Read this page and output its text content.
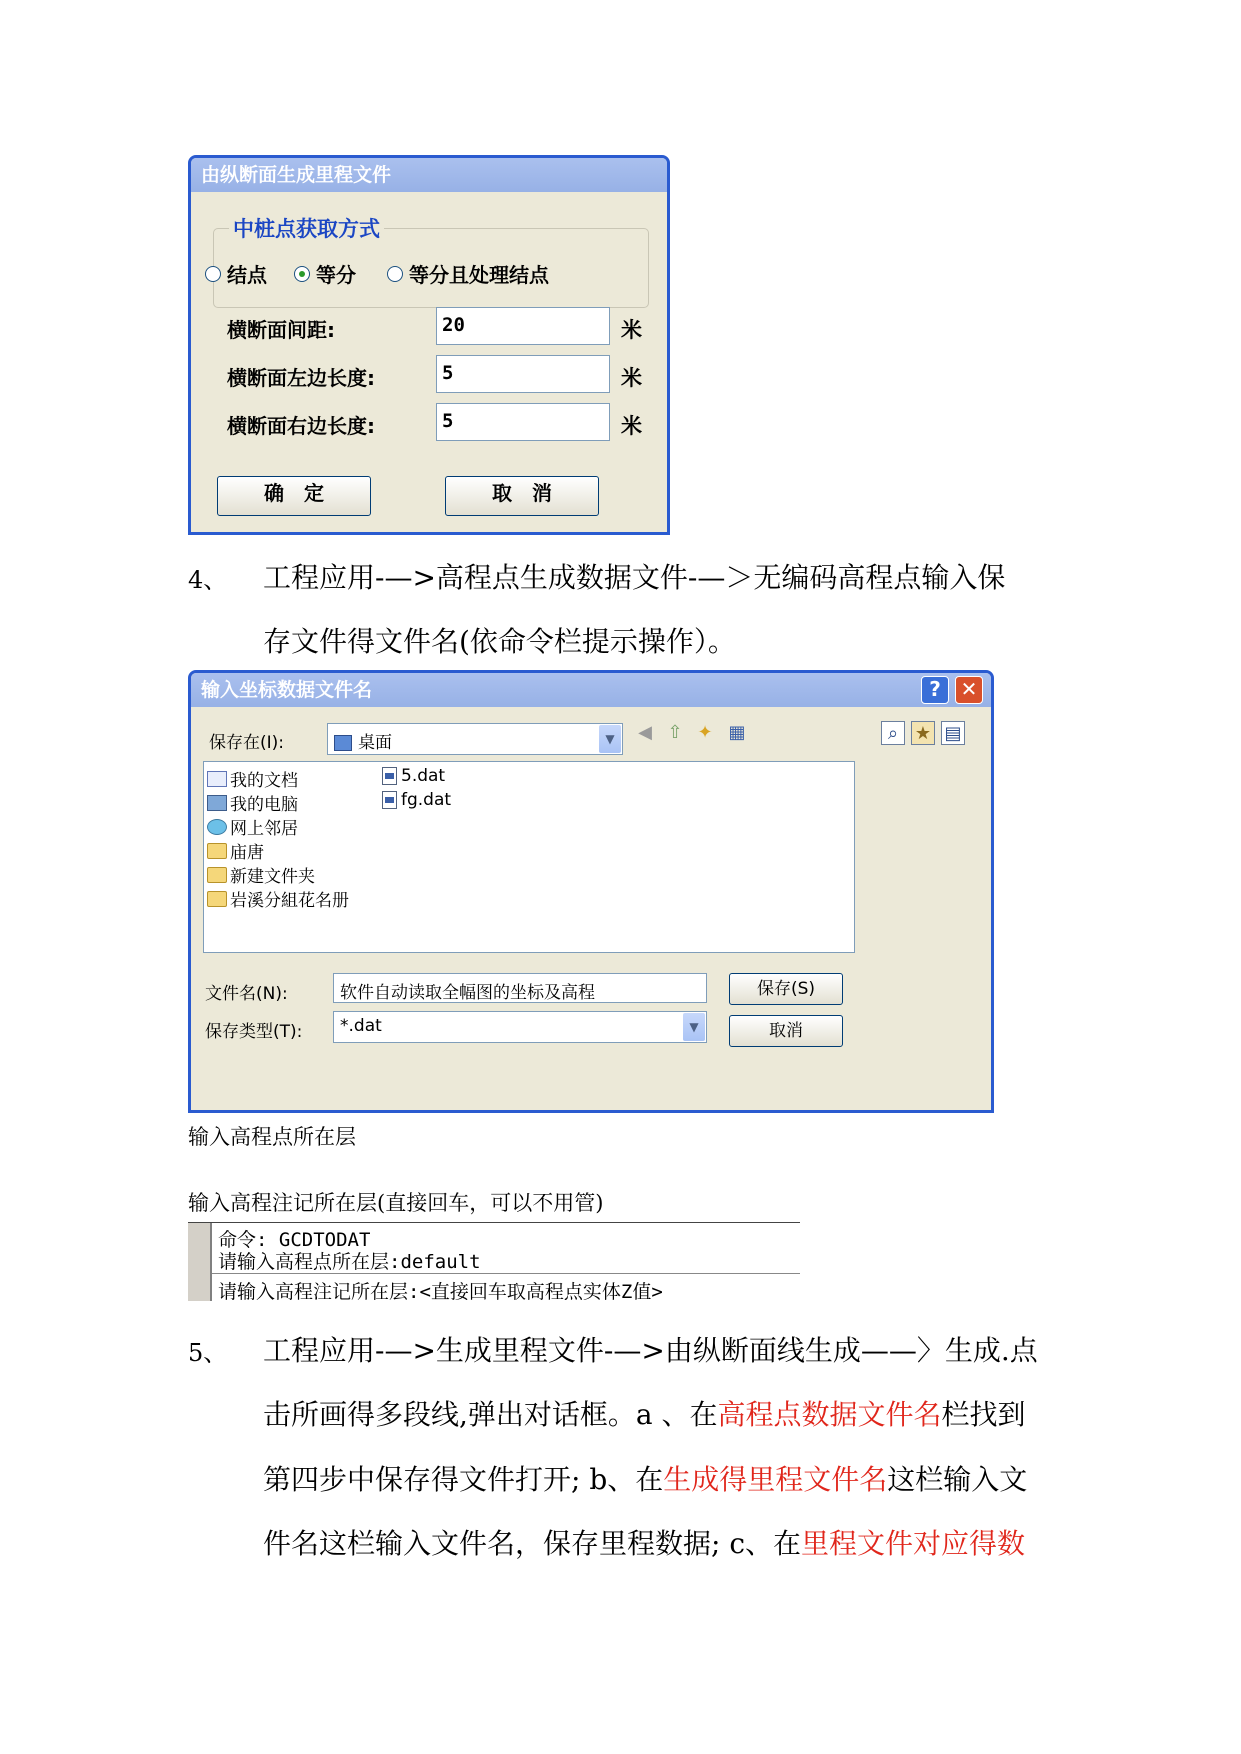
由纵断面生成里程文件
中桩点获取方式
结点 等分	等分且处理结点
横断面间距:	20	米
横断面左边长度:	5	米
横断面右边长度:	5	米
确　定	取　消
4、 工程应用-—>高程点生成数据文件-—＞无编码高程点输入保
存文件得文件名(依命令栏提示操作）。
输入坐标数据文件名	? ✕
保存在(I):	桌面	▼	◀ ⇧ ✦ ▦	⌕ ★ ▤
我的文档
我的电脑
网上邻居
庙唐
新建文件夹
岩溪分組花名册
5.dat
fg.dat
文件名(N):	软件自动读取全幅图的坐标及高程
保存类型(T):	*.dat	▼
保存(S)
取消
输入高程点所在层
输入高程注记所在层(直接回车，可以不用管)
命令: GCDTODAT
请输入高程点所在层:default
请输入高程注记所在层:<直接回车取高程点实体Z值>
5、 工程应用-—>生成里程文件-—>由纵断面线生成——〉生成.点
击所画得多段线,弹出对话框。a 、在高程点数据文件名栏找到
第四步中保存得文件打开; b、在生成得里程文件名这栏输入文
件名这栏输入文件名，保存里程数据; c、在里程文件对应得数
